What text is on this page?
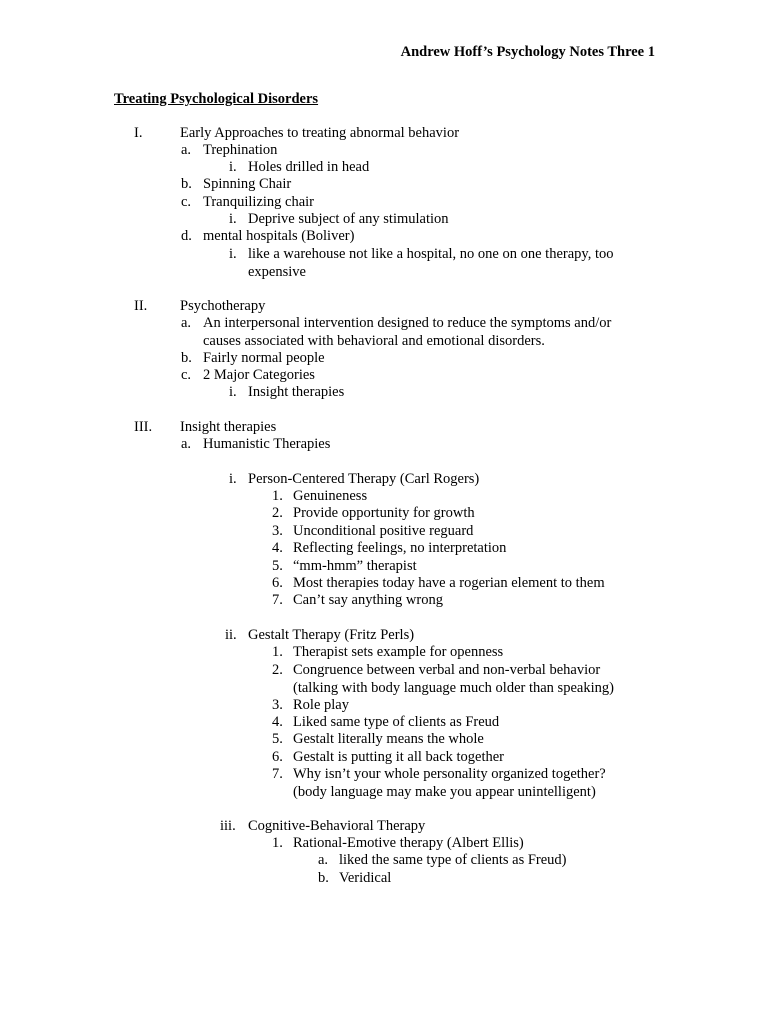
Andrew Hoff’s Psychology Notes Three 1
Treating Psychological Disorders
I.	Early Approaches to treating abnormal behavior
a. Trephination
i. Holes drilled in head
b. Spinning Chair
c. Tranquilizing chair
i. Deprive subject of any stimulation
d. mental hospitals (Boliver)
i. like a warehouse not like a hospital, no one on one therapy, too
expensive
II. Psychotherapy
a. An interpersonal intervention designed to reduce the symptoms and/or
causes associated with behavioral and emotional disorders.
b. Fairly normal people
c. 2 Major Categories
i. Insight therapies
III. Insight therapies
a. Humanistic Therapies
i. Person-Centered Therapy (Carl Rogers)
1. Genuineness
2. Provide opportunity for growth
3. Unconditional positive reguard
4. Reflecting feelings, no interpretation
5. “mm-hmm” therapist
6. Most therapies today have a rogerian element to them
7. Can’t say anything wrong
ii. Gestalt Therapy (Fritz Perls)
1. Therapist sets example for openness
2. Congruence between verbal and non-verbal behavior
(talking with body language much older than speaking)
3. Role play
4. Liked same type of clients as Freud
5. Gestalt literally means the whole
6. Gestalt is putting it all back together
7. Why isn’t your whole personality organized together?
(body language may make you appear unintelligent)
iii. Cognitive-Behavioral Therapy
1. Rational-Emotive therapy (Albert Ellis)
a. liked the same type of clients as Freud)
b. Veridical
